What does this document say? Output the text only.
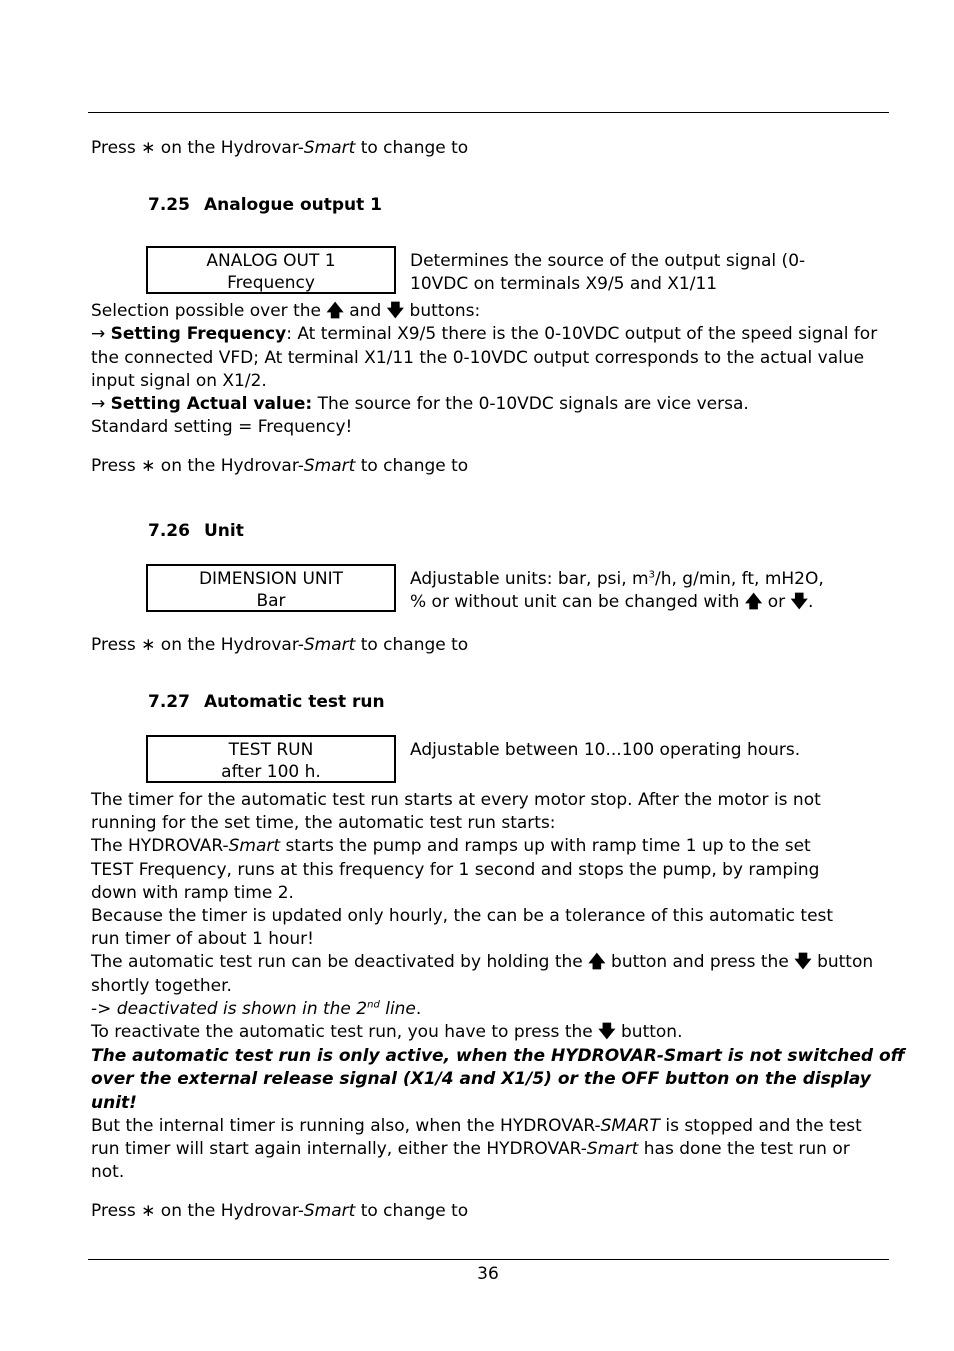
Press ∗ on the Hydrovar-Smart to change to
7.25 Analogue output 1
ANALOG OUT 1
Frequency
Determines the source of the output signal (0-
10VDC on terminals X9/5 and X1/11
Selection possible over the 🡅 and 🡇 buttons:
→ Setting Frequency: At terminal X9/5 there is the 0-10VDC output of the speed signal for
the connected VFD; At terminal X1/11 the 0-10VDC output corresponds to the actual value
input signal on X1/2.
→ Setting Actual value: The source for the 0-10VDC signals are vice versa.
Standard setting = Frequency!
Press ∗ on the Hydrovar-Smart to change to
7.26 Unit
DIMENSION UNIT
Bar
Adjustable units: bar, psi, $m^3/h$, g/min, ft, mH2O,
% or without unit can be changed with 🡅 or 🡇.
Press ∗ on the Hydrovar-Smart to change to
7.27 Automatic test run
TEST RUN
after 100 h.
Adjustable between 10...100 operating hours.
The timer for the automatic test run starts at every motor stop. After the motor is not
running for the set time, the automatic test run starts:
The HYDROVAR-Smart starts the pump and ramps up with ramp time 1 up to the set
TEST Frequency, runs at this frequency for 1 second and stops the pump, by ramping
down with ramp time 2.
Because the timer is updated only hourly, the can be a tolerance of this automatic test
run timer of about 1 hour!
The automatic test run can be deactivated by holding the 🡅 button and press the 🡇 button
shortly together.
-> deactivated is shown in the 2nd line.
To reactivate the automatic test run, you have to press the 🡇 button.
The automatic test run is only active, when the HYDROVAR-Smart is not switched off
over the external release signal (X1/4 and X1/5) or the OFF button on the display
unit!
But the internal timer is running also, when the HYDROVAR-SMART is stopped and the test
run timer will start again internally, either the HYDROVAR-Smart has done the test run or
not.
Press ∗ on the Hydrovar-Smart to change to
36
